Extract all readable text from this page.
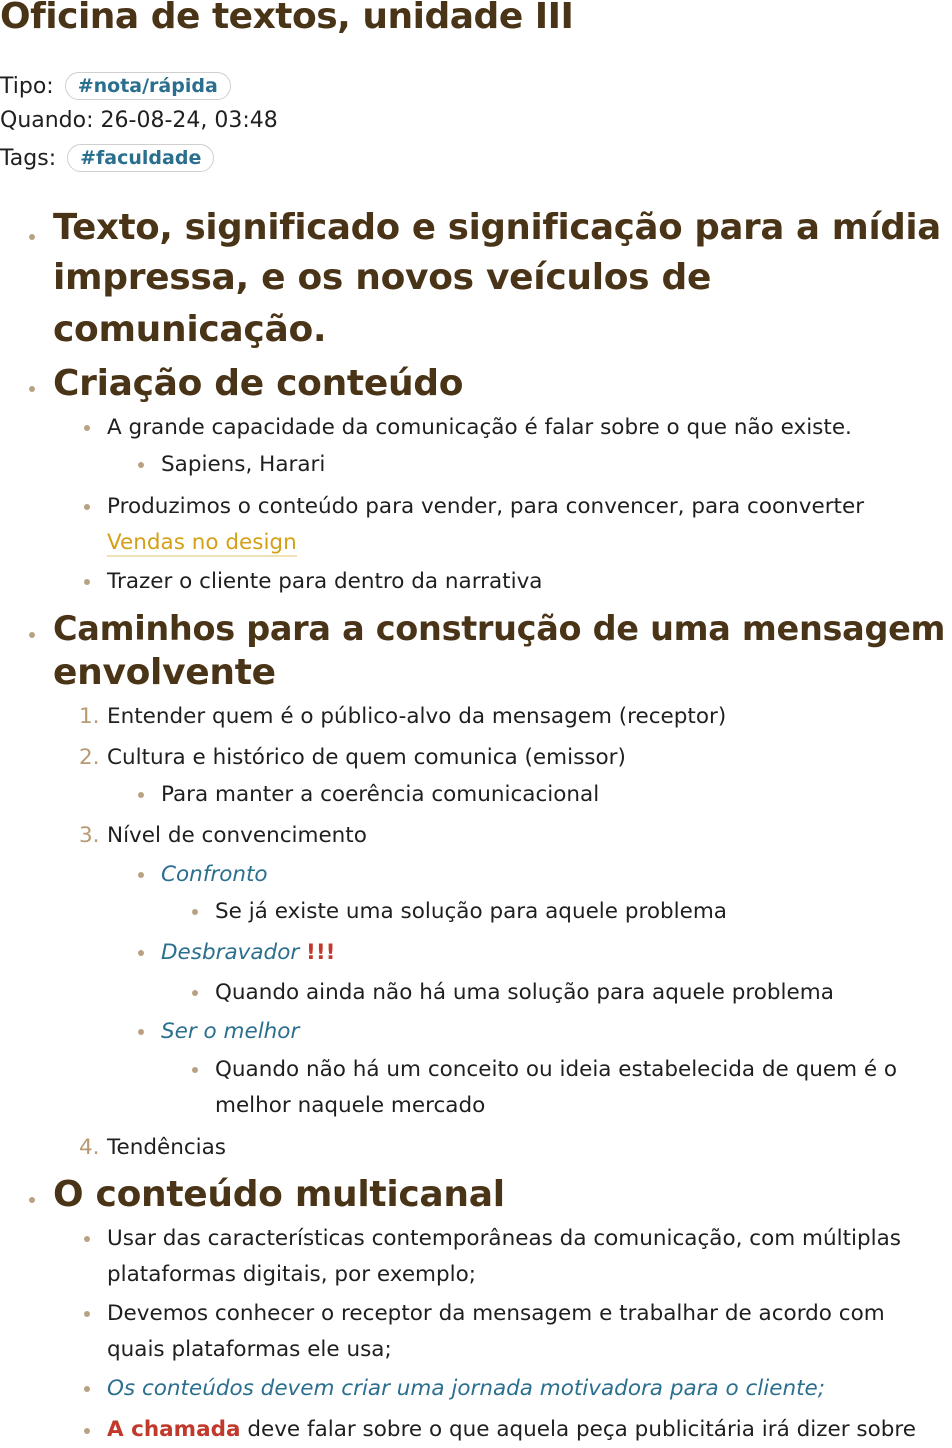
Oficina de textos, unidade III
Tipo: #nota/rápida
Quando: 26-08-24, 03:48
Tags: #faculdade
Texto, significado e significação para a mídia
impressa, e os novos veículos de
comunicação.
Criação de conteúdo
A grande capacidade da comunicação é falar sobre o que não existe.
Sapiens, Harari
Produzimos o conteúdo para vender, para convencer, para coonverter
Vendas no design
Trazer o cliente para dentro da narrativa
Caminhos para a construção de uma mensagem
envolvente
1. Entender quem é o público-alvo da mensagem (receptor)
2. Cultura e histórico de quem comunica (emissor)
Para manter a coerência comunicacional
3. Nível de convencimento
Confronto
Se já existe uma solução para aquele problema
Desbravador !!!
Quando ainda não há uma solução para aquele problema
Ser o melhor
Quando não há um conceito ou ideia estabelecida de quem é o
melhor naquele mercado
4. Tendências
O conteúdo multicanal
Usar das características contemporâneas da comunicação, com múltiplas
plataformas digitais, por exemplo;
Devemos conhecer o receptor da mensagem e trabalhar de acordo com
quais plataformas ele usa;
Os conteúdos devem criar uma jornada motivadora para o cliente;
A chamada deve falar sobre o que aquela peça publicitária irá dizer sobre
